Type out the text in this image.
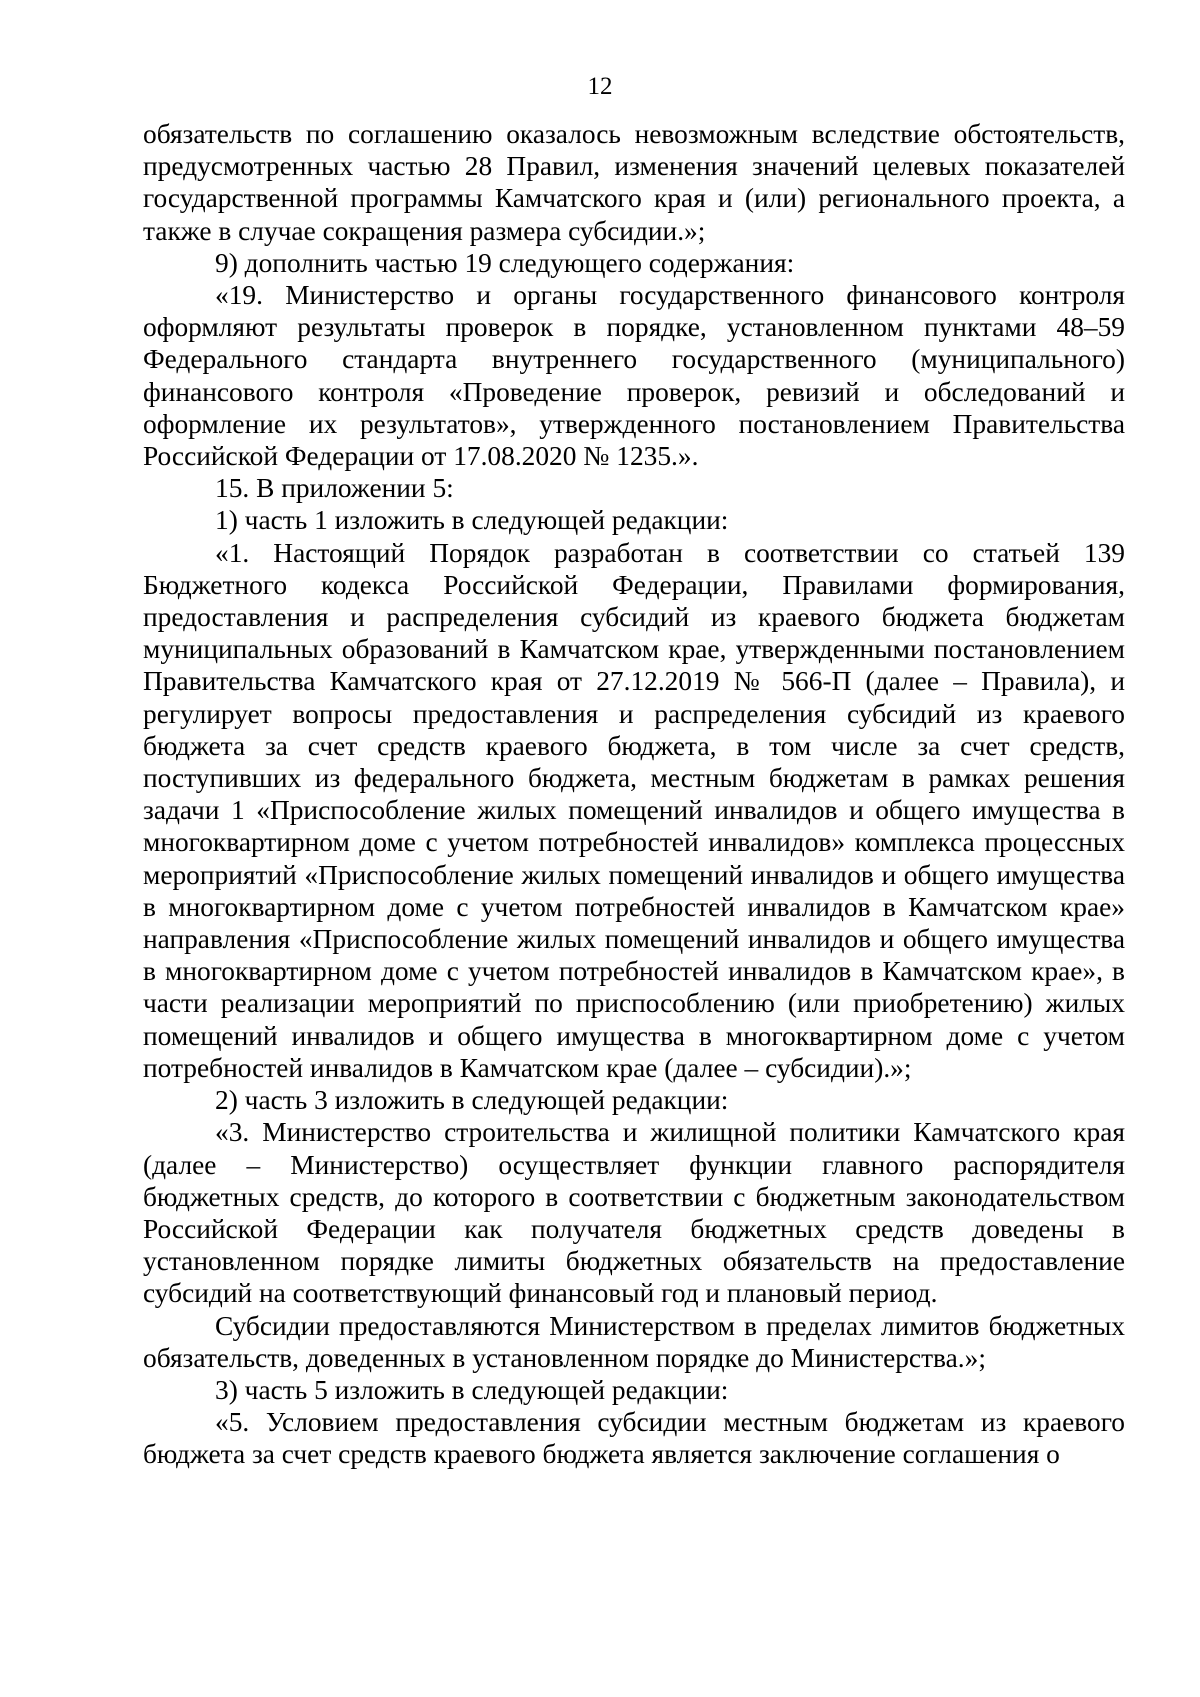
12

обязательств по соглашению оказалось невозможным вследствие обстоятельств, предусмотренных частью 28 Правил, изменения значений целевых показателей государственной программы Камчатского края и (или) регионального проекта, а также в случае сокращения размера субсидии.»;

9) дополнить частью 19 следующего содержания:

«19. Министерство и органы государственного финансового контроля оформляют результаты проверок в порядке, установленном пунктами 48–59 Федерального стандарта внутреннего государственного (муниципального) финансового контроля «Проведение проверок, ревизий и обследований и оформление их результатов», утвержденного постановлением Правительства Российской Федерации от 17.08.2020 № 1235.».

15. В приложении 5:

1) часть 1 изложить в следующей редакции:

«1. Настоящий Порядок разработан в соответствии со статьей 139 Бюджетного кодекса Российской Федерации, Правилами формирования, предоставления и распределения субсидий из краевого бюджета бюджетам муниципальных образований в Камчатском крае, утвержденными постановлением Правительства Камчатского края от 27.12.2019 № 566-П (далее – Правила), и регулирует вопросы предоставления и распределения субсидий из краевого бюджета за счет средств краевого бюджета, в том числе за счет средств, поступивших из федерального бюджета, местным бюджетам в рамках решения задачи 1 «Приспособление жилых помещений инвалидов и общего имущества в многоквартирном доме с учетом потребностей инвалидов» комплекса процессных мероприятий «Приспособление жилых помещений инвалидов и общего имущества в многоквартирном доме с учетом потребностей инвалидов в Камчатском крае» направления «Приспособление жилых помещений инвалидов и общего имущества в многоквартирном доме с учетом потребностей инвалидов в Камчатском крае», в части реализации мероприятий по приспособлению (или приобретению) жилых помещений инвалидов и общего имущества в многоквартирном доме с учетом потребностей инвалидов в Камчатском крае (далее – субсидии).»;

2) часть 3 изложить в следующей редакции:

«3. Министерство строительства и жилищной политики Камчатского края (далее – Министерство) осуществляет функции главного распорядителя бюджетных средств, до которого в соответствии с бюджетным законодательством Российской Федерации как получателя бюджетных средств доведены в установленном порядке лимиты бюджетных обязательств на предоставление субсидий на соответствующий финансовый год и плановый период.

Субсидии предоставляются Министерством в пределах лимитов бюджетных обязательств, доведенных в установленном порядке до Министерства.»;

3) часть 5 изложить в следующей редакции:

«5. Условием предоставления субсидии местным бюджетам из краевого бюджета за счет средств краевого бюджета является заключение соглашения о
